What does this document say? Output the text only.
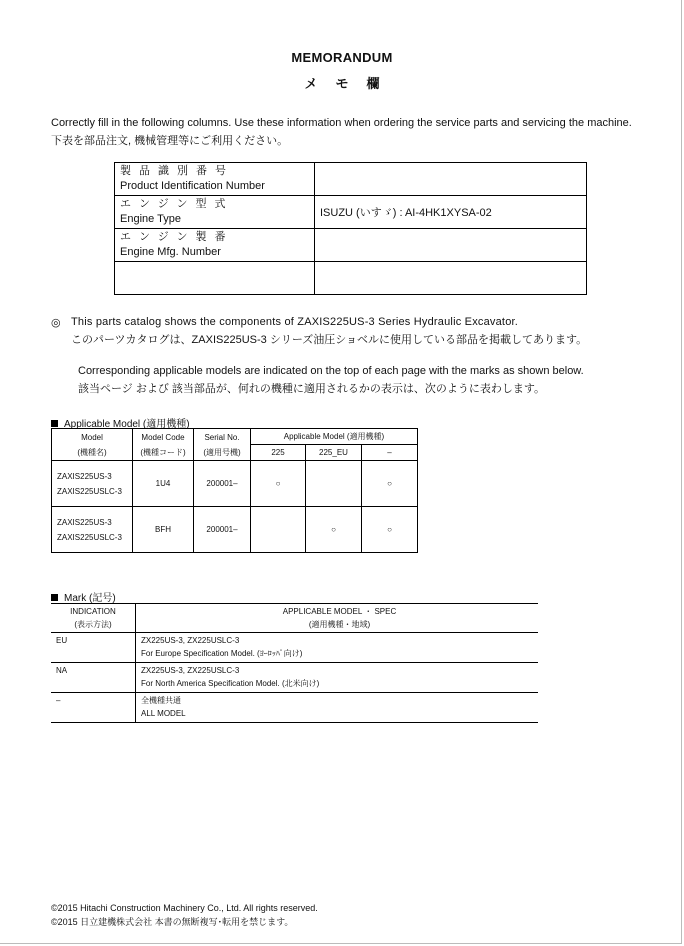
MEMORANDUM
メモ欄
Correctly fill in the following columns. Use these information when ordering the service parts and servicing the machine.
下表を部品注文, 機械管理等にご利用ください。
製品識別番号
Product Identification Number	

エンジン型式
Engine Type	ISUZU (いすゞ) : AI-4HK1XYSA-02

エンジン製番
Engine Mfg. Number	

◎ This parts catalog shows the components of ZAXIS225US-3 Series Hydraulic Excavator.
このパーツカタログは、ZAXIS225US-3 シリーズ油圧ショベルに使用している部品を掲載してあります。
Corresponding applicable models are indicated on the top of each page with the marks as shown below.
該当ページ および 該当部品が、何れの機種に適用されるかの表示は、次のように表わします。
Applicable Model (適用機種)
Model
(機種名)	Model Code
(機種コード)	Serial No.
(適用号機)	Applicable Model (適用機種)		
			225	225_EU	–
ZAXIS225US-3
ZAXIS225USLC-3	1U4	200001–	○		○
ZAXIS225US-3
ZAXIS225USLC-3	BFH	200001–		○	○
Mark (記号)
INDICATION
(表示方法)	APPLICABLE MODEL ・ SPEC
(適用機種・地域)
EU	ZX225US-3, ZX225USLC-3
For Europe Specification Model. (ﾖｰﾛｯﾊﾟ向け)
NA	ZX225US-3, ZX225USLC-3
For North America Specification Model. (北米向け)
–	全機種共通
ALL MODEL
©2015 Hitachi Construction Machinery Co., Ltd. All rights reserved.
©2015 日立建機株式会社 本書の無断複写･転用を禁じます。
